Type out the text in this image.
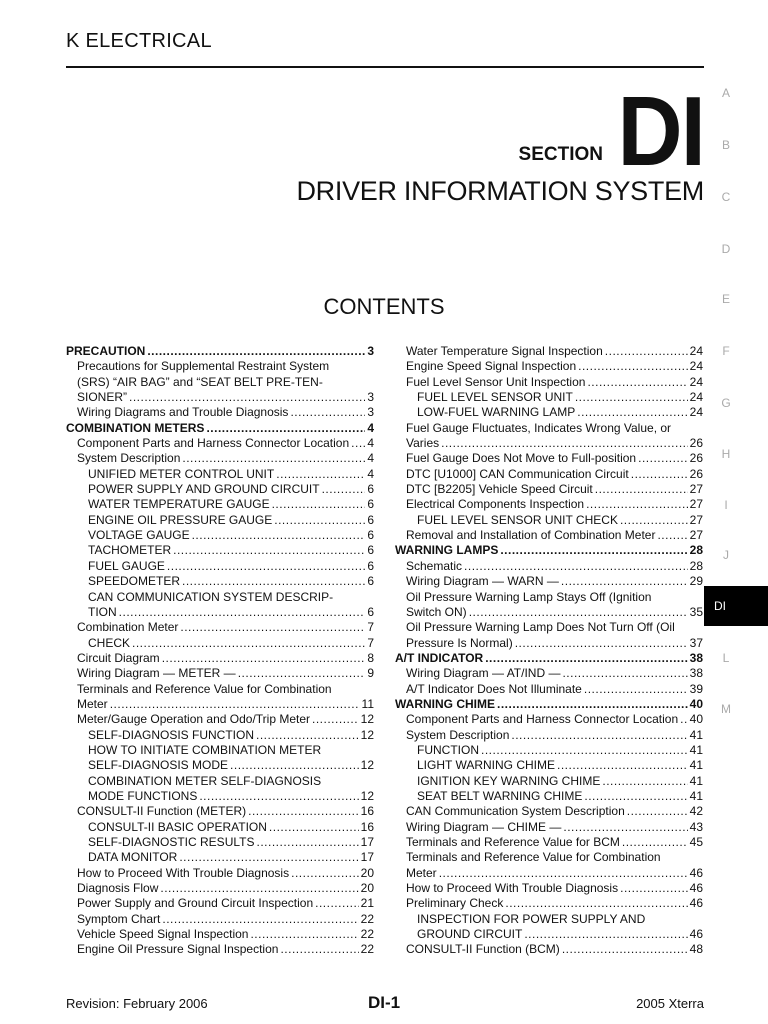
K ELECTRICAL
SECTION DI
DRIVER INFORMATION SYSTEM
CONTENTS
PRECAUTION .....	3
Precautions for Supplemental Restraint System
(SRS) “AIR BAG” and “SEAT BELT PRE-TEN-
SIONER” .....	3
Wiring Diagrams and Trouble Diagnosis .....	3
COMBINATION METERS .....	4
Component Parts and Harness Connector Location ..... 4
System Description .....	4
UNIFIED METER CONTROL UNIT .....	4
POWER SUPPLY AND GROUND CIRCUIT .....	6
WATER TEMPERATURE GAUGE .....	6
ENGINE OIL PRESSURE GAUGE .....	6
VOLTAGE GAUGE .....	6
TACHOMETER .....	6
FUEL GAUGE .....	6
SPEEDOMETER .....	6
CAN COMMUNICATION SYSTEM DESCRIP-
TION .....	6
Combination Meter .....	7
CHECK .....	7
Circuit Diagram .....	8
Wiring Diagram — METER — .....	9
Terminals and Reference Value for Combination
Meter .....	11
Meter/Gauge Operation and Odo/Trip Meter .....	12
SELF-DIAGNOSIS FUNCTION .....	12
HOW TO INITIATE COMBINATION METER
SELF-DIAGNOSIS MODE .....	12
COMBINATION METER SELF-DIAGNOSIS
MODE FUNCTIONS .....	12
CONSULT-II Function (METER) .....	16
CONSULT-II BASIC OPERATION .....	16
SELF-DIAGNOSTIC RESULTS .....	17
DATA MONITOR .....	17
How to Proceed With Trouble Diagnosis .....	20
Diagnosis Flow .....	20
Power Supply and Ground Circuit Inspection .....	21
Symptom Chart .....	22
Vehicle Speed Signal Inspection .....	22
Engine Oil Pressure Signal Inspection .....	22
Water Temperature Signal Inspection .....	24
Engine Speed Signal Inspection .....	24
Fuel Level Sensor Unit Inspection .....	24
FUEL LEVEL SENSOR UNIT .....	24
LOW-FUEL WARNING LAMP .....	24
Fuel Gauge Fluctuates, Indicates Wrong Value, or
Varies .....	26
Fuel Gauge Does Not Move to Full-position .....	26
DTC [U1000] CAN Communication Circuit .....	26
DTC [B2205] Vehicle Speed Circuit .....	27
Electrical Components Inspection .....	27
FUEL LEVEL SENSOR UNIT CHECK .....	27
Removal and Installation of Combination Meter .....	27
WARNING LAMPS .....	28
Schematic .....	28
Wiring Diagram — WARN — .....	29
Oil Pressure Warning Lamp Stays Off (Ignition
Switch ON) .....	35
Oil Pressure Warning Lamp Does Not Turn Off (Oil
Pressure Is Normal) .....	37
A/T INDICATOR .....	38
Wiring Diagram — AT/IND — .....	38
A/T Indicator Does Not Illuminate .....	39
WARNING CHIME .....	40
Component Parts and Harness Connector Location ..... 40
System Description .....	41
FUNCTION .....	41
LIGHT WARNING CHIME .....	41
IGNITION KEY WARNING CHIME .....	41
SEAT BELT WARNING CHIME .....	41
CAN Communication System Description .....	42
Wiring Diagram — CHIME — .....	43
Terminals and Reference Value for BCM .....	45
Terminals and Reference Value for Combination
Meter .....	46
How to Proceed With Trouble Diagnosis .....	46
Preliminary Check .....	46
INSPECTION FOR POWER SUPPLY AND
GROUND CIRCUIT .....	46
CONSULT-II Function (BCM) .....	48
A
B
C
D
E
F
G
H
I
J
DI
L
M
Revision: February 2006	DI-1	2005 Xterra
